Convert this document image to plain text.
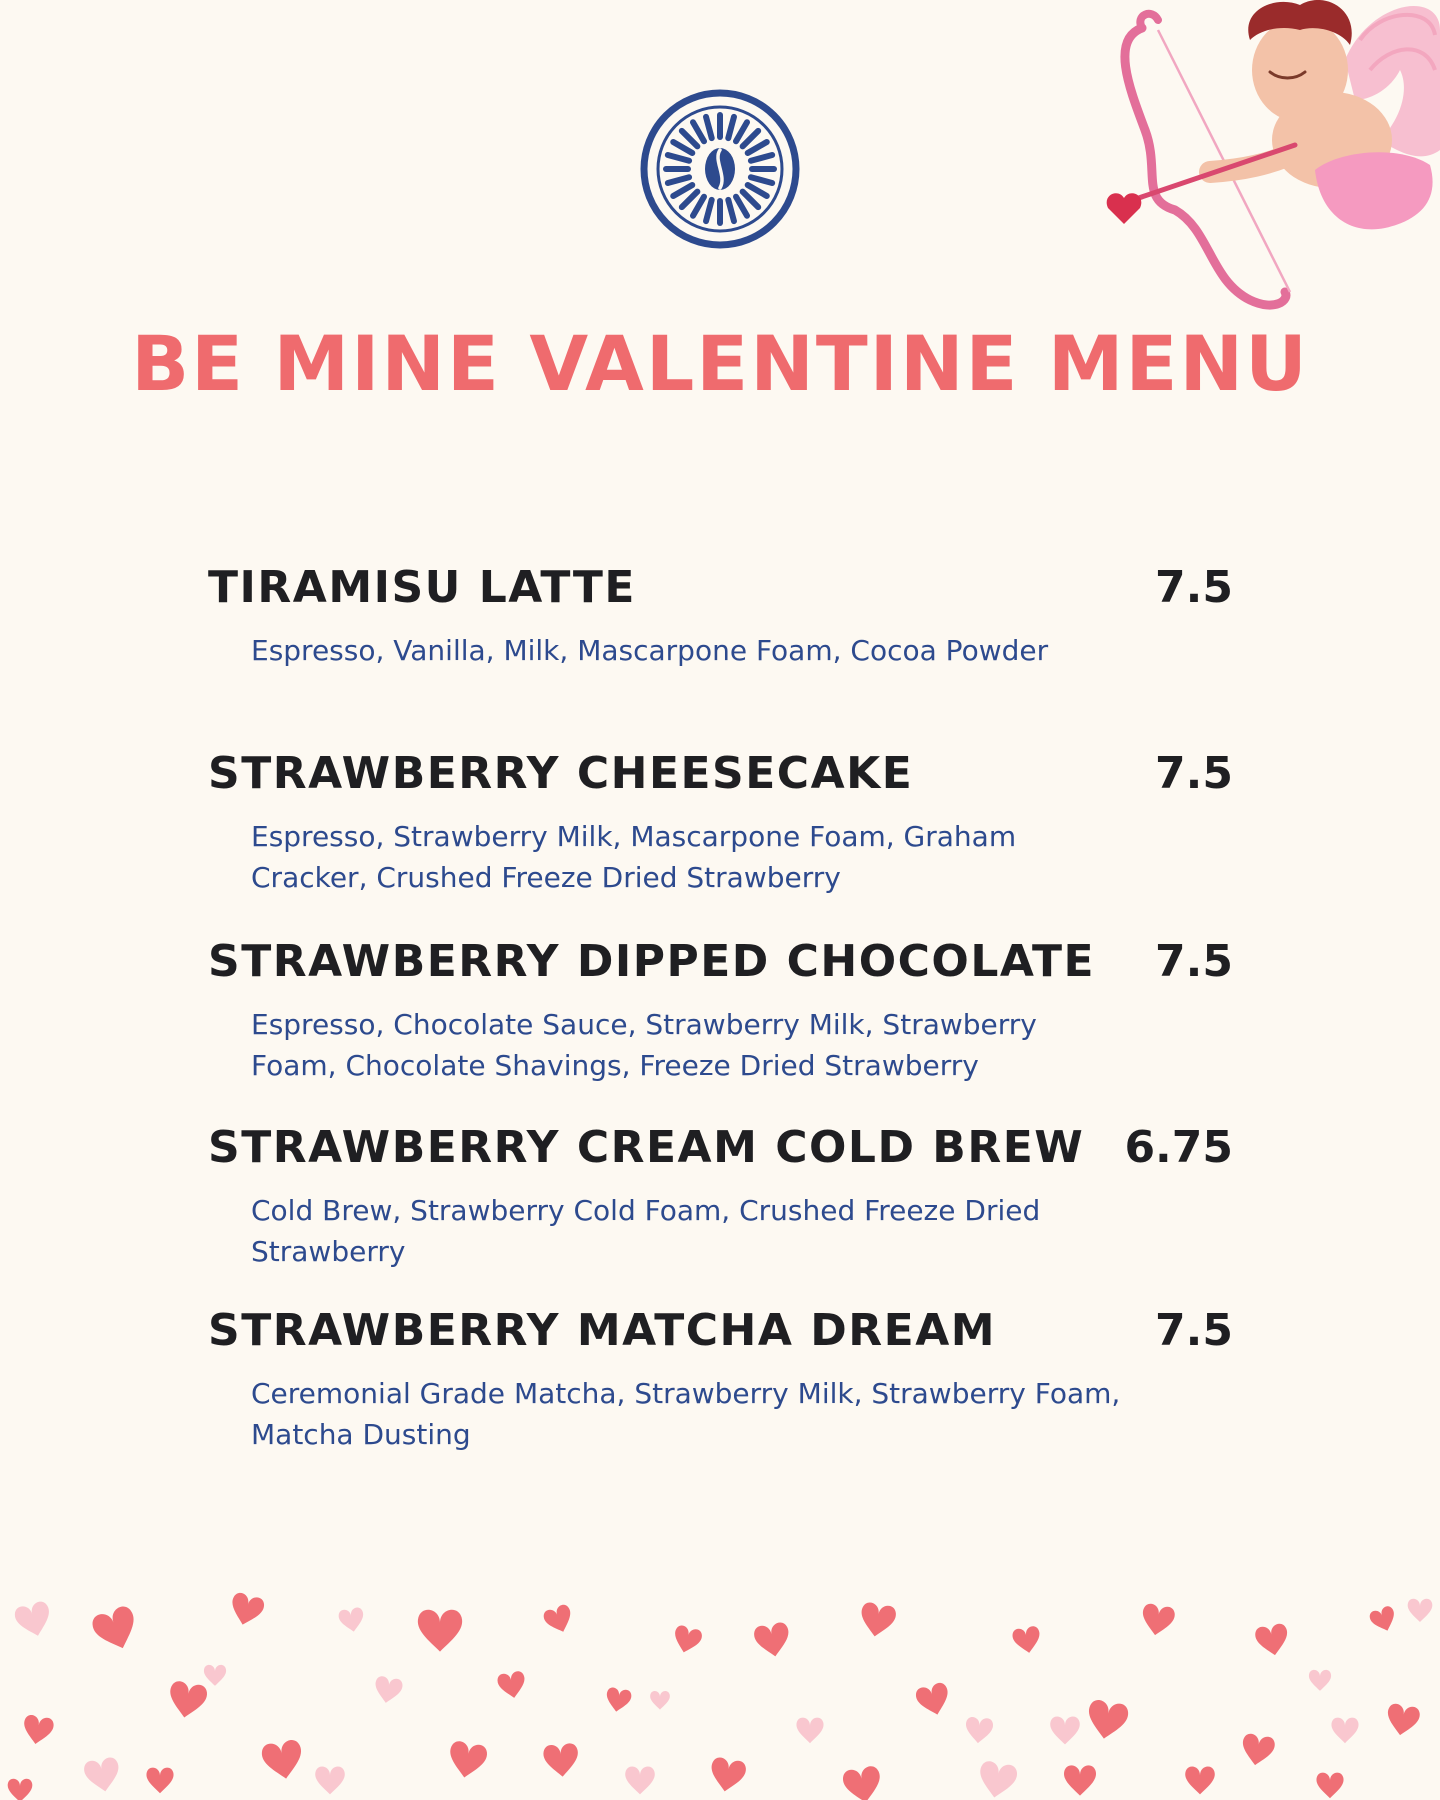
BE MINE VALENTINE MENU
TIRAMISU LATTE	7.5
Espresso, Vanilla, Milk, Mascarpone Foam, Cocoa Powder
STRAWBERRY CHEESECAKE	7.5
Espresso, Strawberry Milk, Mascarpone Foam, Graham Cracker, Crushed Freeze Dried Strawberry
STRAWBERRY DIPPED CHOCOLATE 7.5
Espresso, Chocolate Sauce, Strawberry Milk, Strawberry Foam, Chocolate Shavings, Freeze Dried Strawberry
STRAWBERRY CREAM COLD BREW 6.75
Cold Brew, Strawberry Cold Foam, Crushed Freeze Dried Strawberry
STRAWBERRY MATCHA DREAM	7.5
Ceremonial Grade Matcha, Strawberry Milk, Strawberry Foam, Matcha Dusting
